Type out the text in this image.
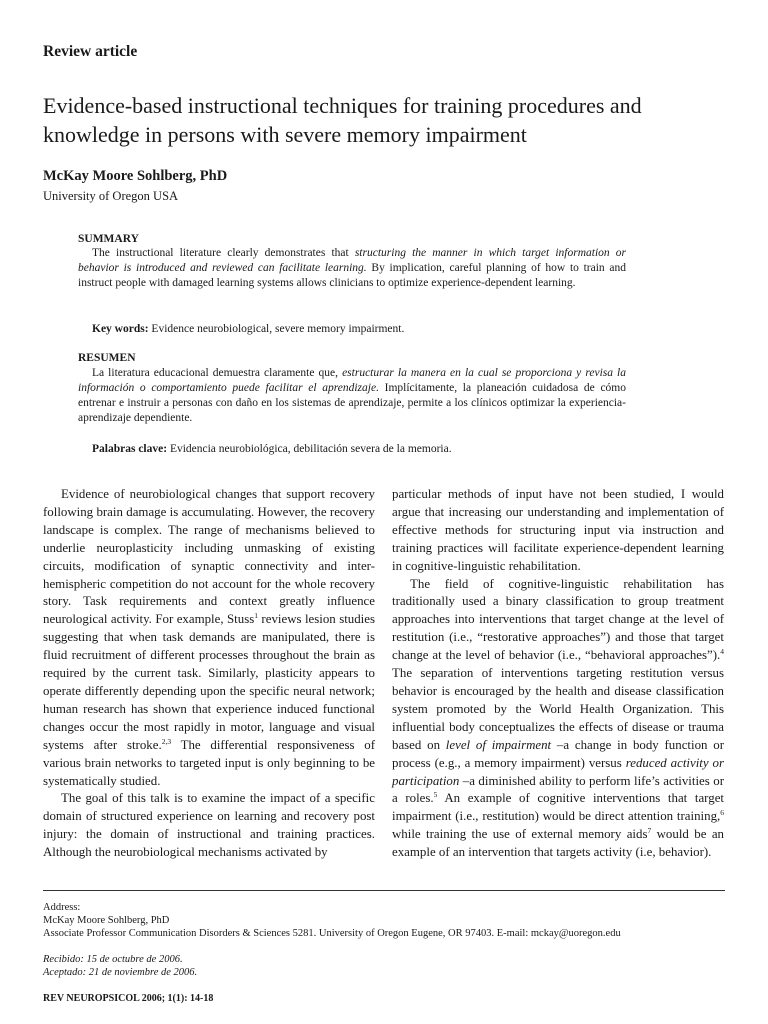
Review article
Evidence-based instructional techniques for training procedures and knowledge in persons with severe memory impairment
McKay Moore Sohlberg, PhD
University of Oregon USA
SUMMARY

The instructional literature clearly demonstrates that structuring the manner in which target information or behavior is introduced and reviewed can facilitate learning. By implication, careful planning of how to train and instruct people with damaged learning systems allows clinicians to optimize experience-dependent learning.

Key words: Evidence neurobiological, severe memory impairment.

RESUMEN

La literatura educacional demuestra claramente que, estructurar la manera en la cual se proporciona y revisa la información o comportamiento puede facilitar el aprendizaje. Implícitamente, la planeación cuidadosa de cómo entrenar e instruir a personas con daño en los sistemas de aprendizaje, permite a los clínicos optimizar la experiencia-aprendizaje dependiente.

Palabras clave: Evidencia neurobiológica, debilitación severa de la memoria.

Evidence of neurobiological changes that support recovery following brain damage is accumulating. However, the recovery landscape is complex. The range of mechanisms believed to underlie neuroplasticity including unmasking of existing circuits, modification of synaptic connectivity and inter-hemispheric competition do not account for the whole recovery story. Task requirements and context greatly influence neurological activity. For example, Stuss$^1$ reviews lesion studies suggesting that when task demands are manipulated, there is fluid recruitment of different processes throughout the brain as required by the current task. Similarly, plasticity appears to operate differently depending upon the specific neural network; human research has shown that experience induced functional changes occur the most rapidly in motor, language and visual systems after stroke.$^{2,3}$ The differential responsiveness of various brain networks to targeted input is only beginning to be systematically studied.

The goal of this talk is to examine the impact of a specific domain of structured experience on learning and recovery post injury: the domain of instructional and training practices. Although the neurobiological mechanisms activated by

particular methods of input have not been studied, I would argue that increasing our understanding and implementation of effective methods for structuring input via instruction and training practices will facilitate experience-dependent learning in cognitive-linguistic rehabilitation.

The field of cognitive-linguistic rehabilitation has traditionally used a binary classification to group treatment approaches into interventions that target change at the level of restitution (i.e., “restorative approaches”) and those that target change at the level of behavior (i.e., “behavioral approaches”).$^4$ The separation of interventions targeting restitution versus behavior is encouraged by the health and disease classification system promoted by the World Health Organization. This influential body conceptualizes the effects of disease or trauma based on level of impairment –a change in body function or process (e.g., a memory impairment) versus reduced activity or participation –a diminished ability to perform life’s activities or a roles.$^5$ An example of cognitive interventions that target impairment (i.e., restitution) would be direct attention training,$^6$ while training the use of external memory aids$^7$ would be an example of an intervention that targets activity (i.e, behavior).

Address:
McKay Moore Sohlberg, PhD
Associate Professor Communication Disorders & Sciences 5281. University of Oregon Eugene, OR 97403. E-mail: mckay@uoregon.edu
Recibido: 15 de octubre de 2006.
Aceptado: 21 de noviembre de 2006.
REV NEUROPSICOL 2006; 1(1): 14-18
